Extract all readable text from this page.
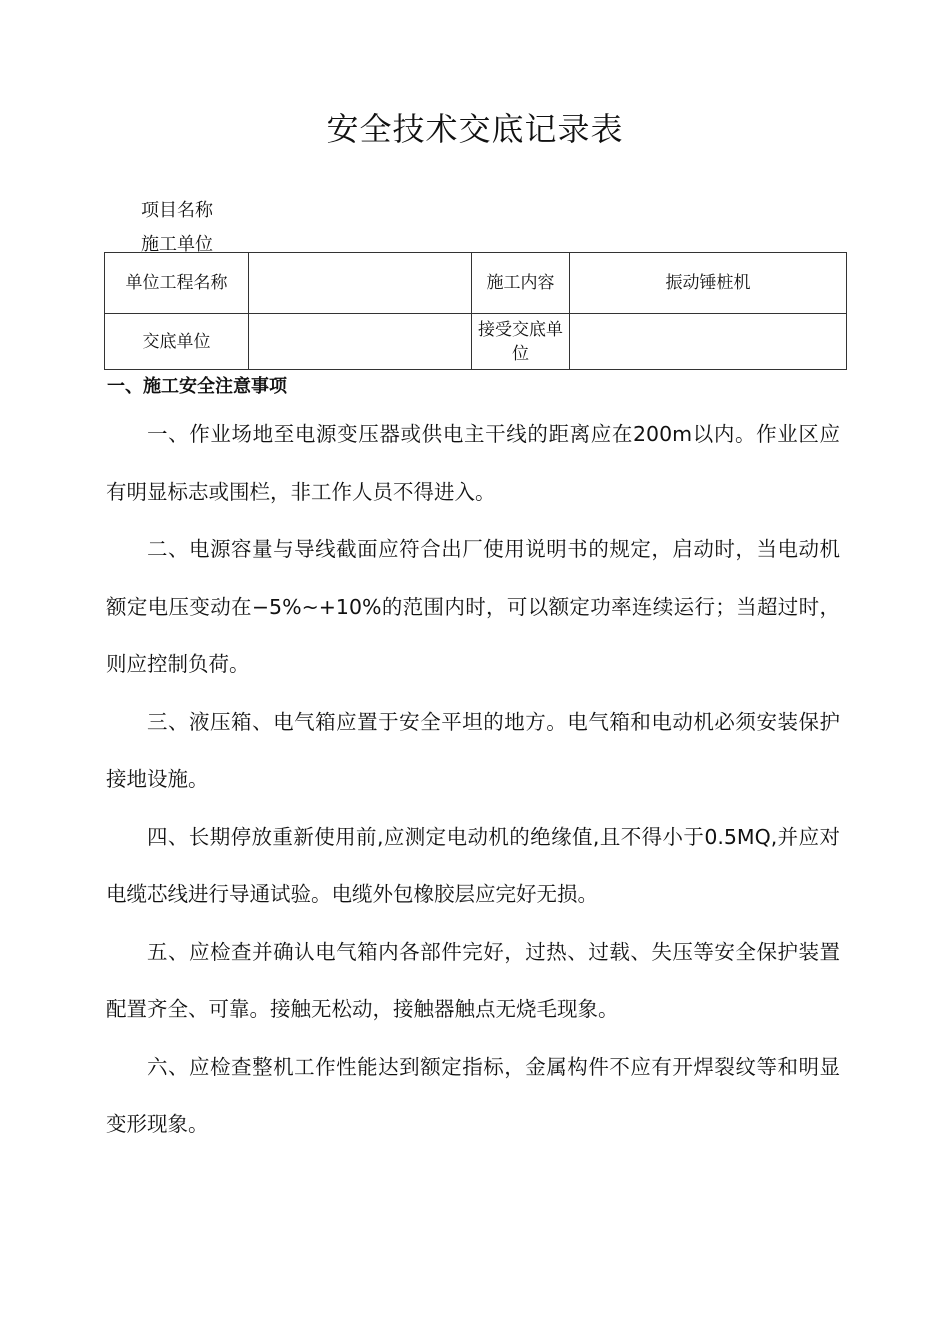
安全技术交底记录表
项目名称
施工单位
单位工程名称		施工内容	振动锤桩机
交底单位		接受交底单位	
一、施工安全注意事项

一、作业场地至电源变压器或供电主干线的距离应在200m以内。作业区应有明显标志或围栏，非工作人员不得进入。

二、电源容量与导线截面应符合出厂使用说明书的规定，启动时，当电动机额定电压变动在−5%~+10%的范围内时，可以额定功率连续运行；当超过时，则应控制负荷。

三、液压箱、电气箱应置于安全平坦的地方。电气箱和电动机必须安装保护接地设施。

四、长期停放重新使用前,应测定电动机的绝缘值,且不得小于0.5MQ,并应对电缆芯线进行导通试验。电缆外包橡胶层应完好无损。

五、应检查并确认电气箱内各部件完好，过热、过载、失压等安全保护装置配置齐全、可靠。接触无松动，接触器触点无烧毛现象。

六、应检查整机工作性能达到额定指标，金属构件不应有开焊裂纹等和明显变形现象。
